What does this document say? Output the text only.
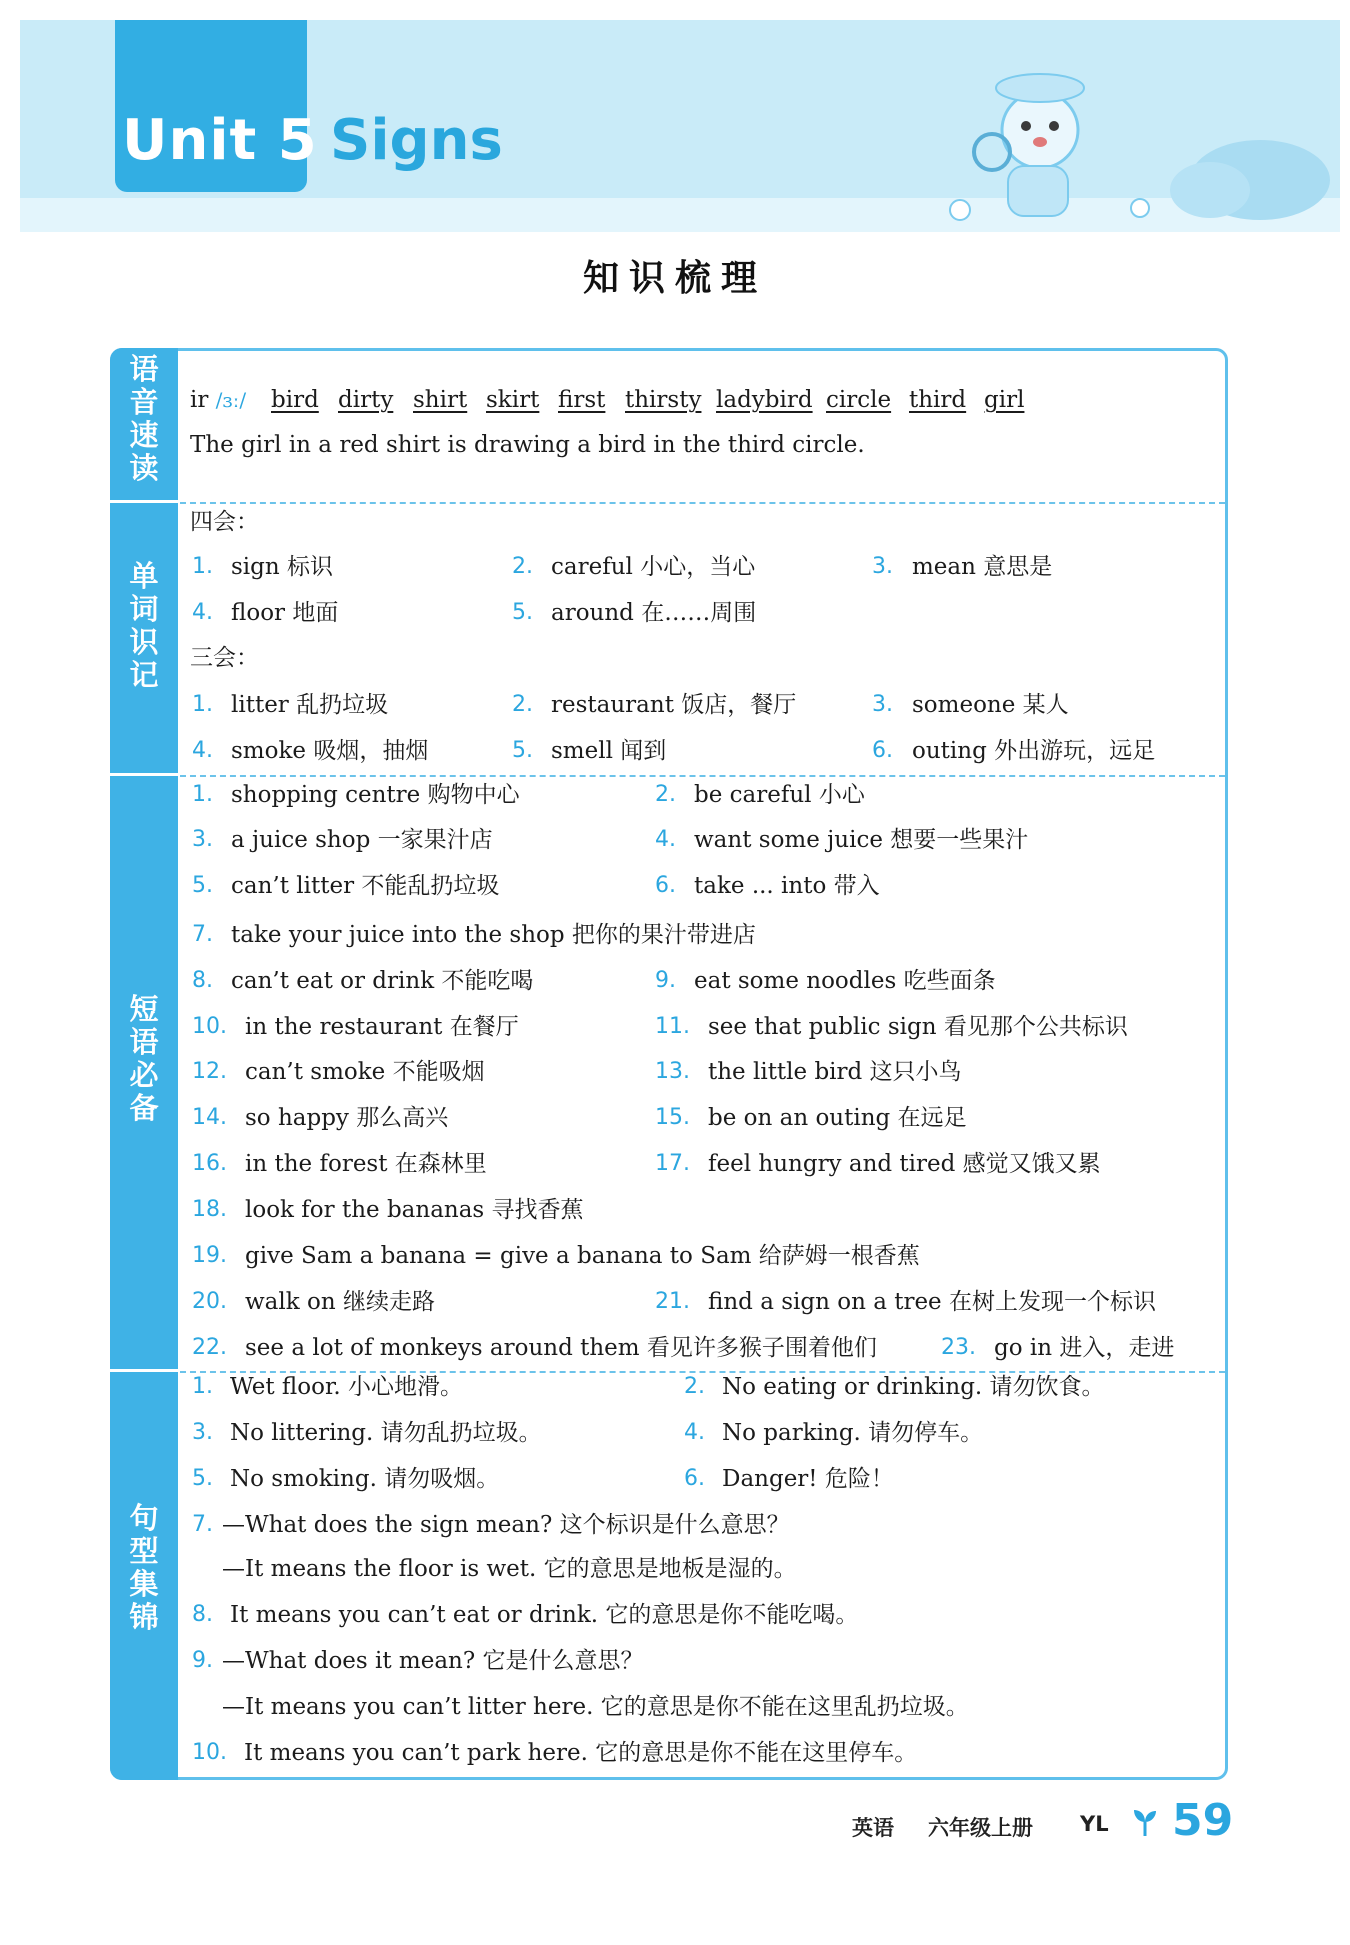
Unit 5 Signs
知识梳理
语音速读
单词识记
短语必备
句型集锦
ir /ɜː/ bird dirty shirt skirt first thirsty ladybird circle third girl
The girl in a red shirt is drawing a bird in the third circle.
四会：
1. sign 标识	2. careful 小心，当心	3. mean 意思是
4. floor 地面	5. around 在……周围
三会：
1. litter 乱扔垃圾	2. restaurant 饭店，餐厅	3. someone 某人
4. smoke 吸烟，抽烟	5. smell 闻到	6. outing 外出游玩，远足
1. shopping centre 购物中心	2. be careful 小心
3. a juice shop 一家果汁店	4. want some juice 想要一些果汁
5. can’t litter 不能乱扔垃圾	6. take ... into 带入
7. take your juice into the shop 把你的果汁带进店
8. can’t eat or drink 不能吃喝	9. eat some noodles 吃些面条
10. in the restaurant 在餐厅	11. see that public sign 看见那个公共标识
12. can’t smoke 不能吸烟	13. the little bird 这只小鸟
14. so happy 那么高兴	15. be on an outing 在远足
16. in the forest 在森林里	17. feel hungry and tired 感觉又饿又累
18. look for the bananas 寻找香蕉
19. give Sam a banana = give a banana to Sam 给萨姆一根香蕉
20. walk on 继续走路	21. find a sign on a tree 在树上发现一个标识
22. see a lot of monkeys around them 看见许多猴子围着他们	23. go in 进入，走进
1. Wet floor. 小心地滑。	2. No eating or drinking. 请勿饮食。
3. No littering. 请勿乱扔垃圾。	4. No parking. 请勿停车。
5. No smoking. 请勿吸烟。	6. Danger! 危险！
7. —What does the sign mean? 这个标识是什么意思？
—It means the floor is wet. 它的意思是地板是湿的。
8. It means you can’t eat or drink. 它的意思是你不能吃喝。
9. —What does it mean? 它是什么意思？
—It means you can’t litter here. 它的意思是你不能在这里乱扔垃圾。
10. It means you can’t park here. 它的意思是你不能在这里停车。
英语 六年级上册 YL 59
